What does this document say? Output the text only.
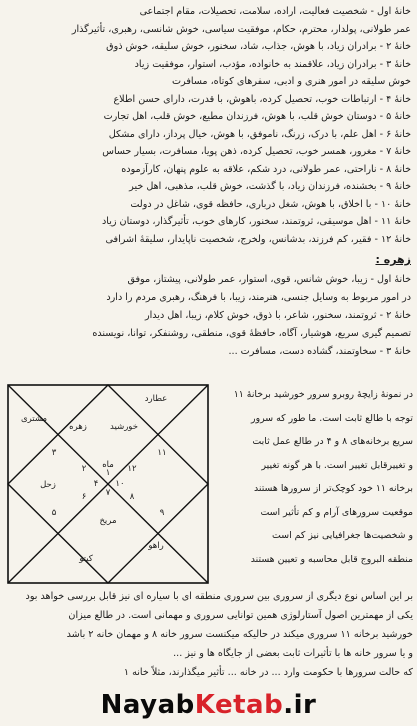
خانهٔ اول - شخصیت فعالیت، اراده، سلامت، تحصیلات، مقام اجتماعی
عمر طولانی، پولدار، محترم، حکام، موفقیت سیاسی، خوش شانسی، رهبری، تأثیرگذار
خانهٔ ۲ - برادران زیاد، با هوش، جذاب، شاد، سخنور، خوش سلیقه، خوش ذوق
خانهٔ ۳ - برادران زیاد، علاقمند به خانواده، مؤدب، استوار، موفقیت زیاد
خوش سلیقه در امور هنری و ادبی، سفرهای کوتاه، مسافرت
خانهٔ ۴ - ارتباطات خوب، تحصیل کرده، باهوش، با قدرت، دارای حسن اطلاع
خانهٔ ۵ - دوستان خوش قلب، با هوش، فرزندان مطیع، خوش قلب، اهل تجارت
خانهٔ ۶ - اهل علم، با درک، زرنگ، ناموفق، با هوش، خیال پرداز، دارای مشکل
خانهٔ ۷ - مغرور، همسر خوب، تحصیل کرده، ذهن پویا، مسافرت، بسیار حساس
خانهٔ ۸ - ناراحتی، عمر طولانی، درد شکم، علاقه به علوم پنهان، کارآزموده
خانهٔ ۹ - بخشنده، فرزندان زیاد، با گذشت، خوش قلب، مذهبی، اهل خیر
خانهٔ ۱۰ - با اخلاق، با هوش، شغل درباری، حافظه قوی، شاغل در دولت
خانهٔ ۱۱ - اهل موسیقی، ثروتمند، سخنور، کارهای خوب، تأثیرگذار، دوستان زیاد
خانهٔ ۱۲ - فقیر، کم فرزند، بدشانس، ولخرج، شخصیت ناپایدار، سلیقهٔ اشرافی
زهره :
خانهٔ اول - زیبا، خوش شانس، قوی، استوار، عمر طولانی، پیشتاز، موفق
در امور مربوط به وسایل جنسی، هنرمند، زیبا، با فرهنگ، رهبری مردم را دارد
خانهٔ ۲ - ثروتمند، سخنور، شاعر، با ذوق، خوش کلام، زیبا، اهل دیدار
تصمیم گیری سریع، هوشیار، آگاه، حافظهٔ قوی، منطقی، روشنفکر، توانا، نویسنده
خانهٔ ۳ - سخاوتمند، گشاده دست، مسافرت ...
۱
۲
۳
۴
۵
۶ ۷ ۸
۹
۱۰
۱۱
۱۲
عطارد
خورشید
زهره
مشتری
زحل
ماه
مریخ
راهو
کیتو
در نمونهٔ زایچهٔ روبرو سرور خورشید برخانهٔ ۱۱
توجه با طالع ثابت است. ما طور که سرور
سریع برخانه‌های ۸ و ۴ در طالع عمل ثابت
و تغییرقابل تغییر است. با هر گونه تغییر
برخانه ۱۱ خود کوچک‌تر از سرورها هستند
موقعیت سرورهای آرام و کم تأثیر است
و شخصیت‌ها جغرافیایی نیز کم است
منطقه البروج قابل محاسبه و تعیین هستند
بر این اساس نوع دیگری از سروری بین سروری منطقه ای با سیاره ای نیز قابل بررسی خواهد بود
یکی از مهمترین اصول آستارلوژی همین توانایی سروری و مهمانی است. در طالع میزان
خورشید برخانه ۱۱ سروری میکند در حالیکه میکنست سرور خانه ۸ و مهمان خانه ۲ باشد
و یا سرور خانه ها با تأثیرات ثابت بعضی از جایگاه ها و نیز ...
که حالت سرورها با حکومت وارد ... در خانه ... تأثیر میگذارند، مثلاً خانه ۱
NayabKetab.ir
